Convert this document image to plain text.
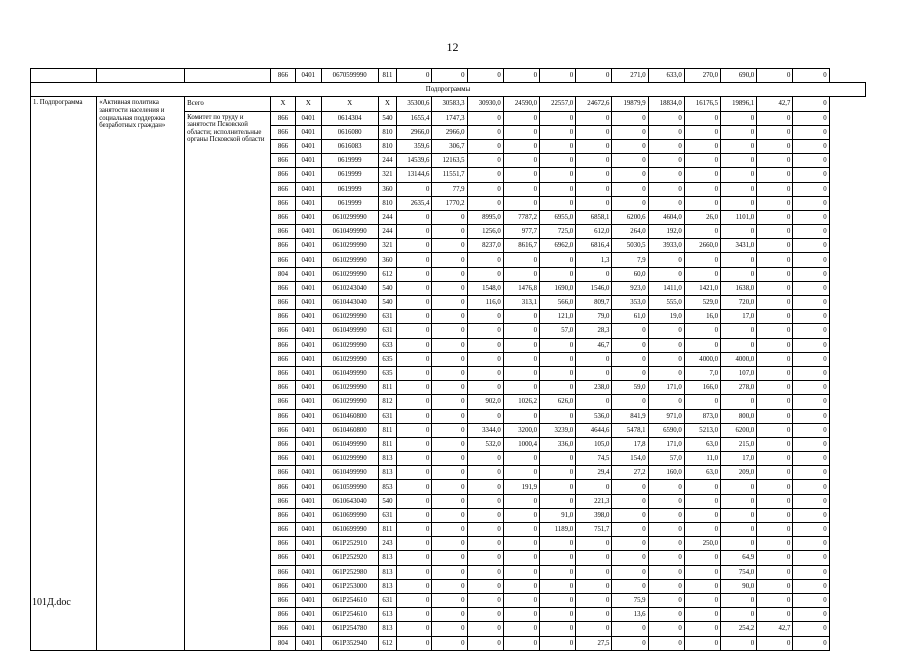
12
			866	0401	0670599990	811	0	0	0	0	0	0	271,0	633,0	270,0	690,0	0	0
Подпрограммы																		
1. Подпрограмма	«Активная политика занятости населения и социальная поддержка безработных граждан»	Всего	X	X	X	X	35300,6	30583,3	30930,0	24590,0	22557,0	24672,6	19879,9	18834,0	16176,5	19896,1	42,7	0
		Комитет по труду и занятости Псковской области; исполнительные органы Псковской области	866	0401	0614304	540	1655,4	1747,3	0	0	0	0	0	0	0	0	0	0
			866	0401	0616080	810	2966,0	2966,0	0	0	0	0	0	0	0	0	0	0
			866	0401	0616083	810	359,6	306,7	0	0	0	0	0	0	0	0	0	0
			866	0401	0619999	244	14539,6	12163,5	0	0	0	0	0	0	0	0	0	0
			866	0401	0619999	321	13144,6	11551,7	0	0	0	0	0	0	0	0	0	0
			866	0401	0619999	360	0	77,9	0	0	0	0	0	0	0	0	0	0
			866	0401	0619999	810	2635,4	1770,2	0	0	0	0	0	0	0	0	0	0
			866	0401	0610299990	244	0	0	8995,0	7787,2	6955,0	6858,1	6200,6	4604,0	26,0	1101,0	0	0
			866	0401	0610499990	244	0	0	1256,0	977,7	725,0	612,0	264,0	192,0	0	0	0	0
			866	0401	0610299990	321	0	0	8237,0	8616,7	6962,0	6816,4	5030,5	3933,0	2660,0	3431,0	0	0
			866	0401	0610299990	360	0	0	0	0	0	1,3	7,9	0	0	0	0	0
			804	0401	0610299990	612	0	0	0	0	0	0	60,0	0	0	0	0	0
			866	0401	0610243040	540	0	0	1548,0	1476,8	1690,0	1546,0	923,0	1411,0	1421,0	1638,0	0	0
			866	0401	0610443040	540	0	0	116,0	313,1	566,0	809,7	353,0	555,0	529,0	720,0	0	0
			866	0401	0610299990	631	0	0	0	0	121,0	79,0	61,0	19,0	16,0	17,0	0	0
			866	0401	0610499990	631	0	0	0	0	57,0	28,3	0	0	0	0	0	0
			866	0401	0610299990	633	0	0	0	0	0	46,7	0	0	0	0	0	0
			866	0401	0610299990	635	0	0	0	0	0	0	0	0	4000,0	4000,0	0	0
			866	0401	0610499990	635	0	0	0	0	0	0	0	0	7,0	107,0	0	0
			866	0401	0610299990	811	0	0	0	0	0	238,0	59,0	171,0	166,0	278,0	0	0
			866	0401	0610299990	812	0	0	902,0	1026,2	626,0	0	0	0	0	0	0	0
			866	0401	0610460800	631	0	0	0	0	0	536,0	841,9	971,0	873,0	800,0	0	0
			866	0401	0610460800	811	0	0	3344,0	3200,0	3239,0	4644,6	5478,1	6590,0	5213,0	6200,0	0	0
			866	0401	0610499990	811	0	0	532,0	1000,4	336,0	105,0	17,8	171,0	63,0	215,0	0	0
			866	0401	0610299990	813	0	0	0	0	0	74,5	154,0	57,0	11,0	17,0	0	0
			866	0401	0610499990	813	0	0	0	0	0	29,4	27,2	160,0	63,0	209,0	0	0
			866	0401	0610599990	853	0	0	0	191,9	0	0	0	0	0	0	0	0
			866	0401	0610643040	540	0	0	0	0	0	221,3	0	0	0	0	0	0
			866	0401	0610699990	631	0	0	0	0	91,0	398,0	0	0	0	0	0	0
			866	0401	0610699990	811	0	0	0	0	1189,0	751,7	0	0	0	0	0	0
			866	0401	061P252910	243	0	0	0	0	0	0	0	0	250,0	0	0	0
			866	0401	061P252920	813	0	0	0	0	0	0	0	0	0	64,9	0	0
			866	0401	061P252980	813	0	0	0	0	0	0	0	0	0	754,0	0	0
			866	0401	061P253000	813	0	0	0	0	0	0	0	0	0	90,0	0	0
			866	0401	061P254610	631	0	0	0	0	0	0	75,9	0	0	0	0	0
			866	0401	061P254610	613	0	0	0	0	0	0	13,6	0	0	0	0	0
			866	0401	061P254780	813	0	0	0	0	0	0	0	0	0	254,2	42,7	0
			804	0401	061P352940	612	0	0	0	0	0	27,5	0	0	0	0	0	0
101Д.doc
